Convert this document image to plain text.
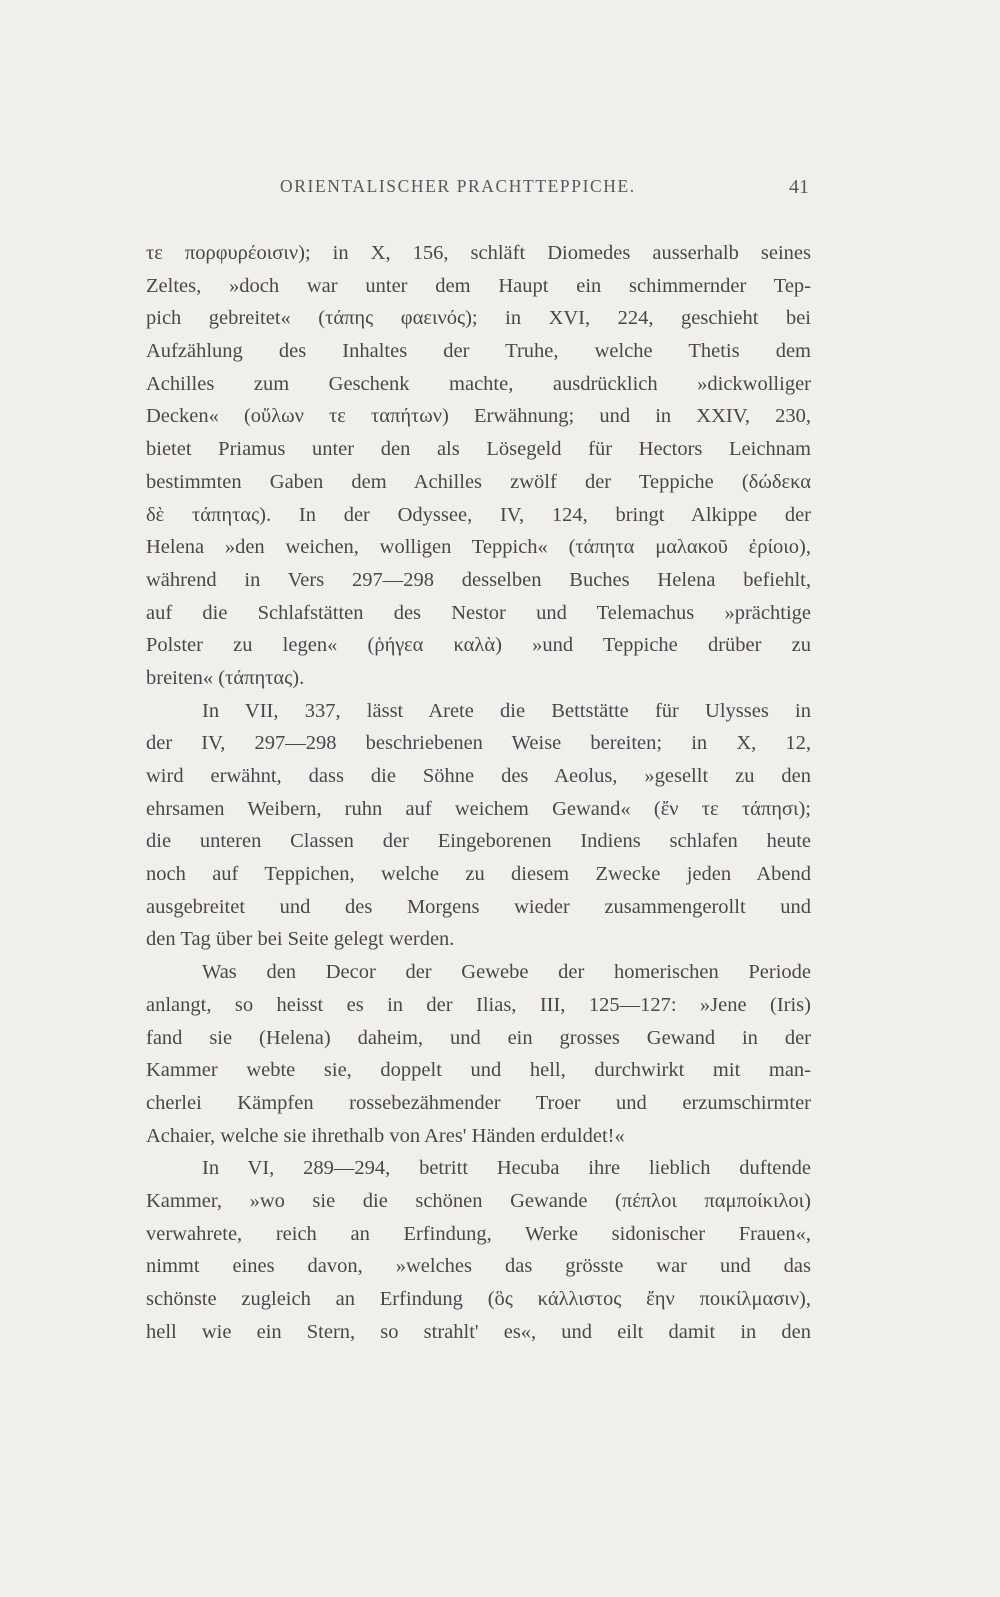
ORIENTALISCHER PRACHTTEPPICHE.	41
τε πορφυρέοισιν); in X, 156, schläft Diomedes ausserhalb seines
Zeltes, »doch war unter dem Haupt ein schimmernder Tep-
pich gebreitet« (τάπης φαεινός); in XVI, 224, geschieht bei
Aufzählung des Inhaltes der Truhe, welche Thetis dem
Achilles zum Geschenk machte, ausdrücklich »dickwolliger
Decken« (οὔλων τε ταπήτων) Erwähnung; und in XXIV, 230,
bietet Priamus unter den als Lösegeld für Hectors Leichnam
bestimmten Gaben dem Achilles zwölf der Teppiche (δώδεκα
δὲ τάπητας). In der Odyssee, IV, 124, bringt Alkippe der
Helena »den weichen, wolligen Teppich« (τάπητα μαλακοῦ ἐρίοιο),
während in Vers 297—298 desselben Buches Helena befiehlt,
auf die Schlafstätten des Nestor und Telemachus »prächtige
Polster zu legen« (ῥήγεα καλὰ) »und Teppiche drüber zu
breiten« (τάπητας).
In VII, 337, lässt Arete die Bettstätte für Ulysses in
der IV, 297—298 beschriebenen Weise bereiten; in X, 12,
wird erwähnt, dass die Söhne des Aeolus, »gesellt zu den
ehrsamen Weibern, ruhn auf weichem Gewand« (ἔν τε τάπησι);
die unteren Classen der Eingeborenen Indiens schlafen heute
noch auf Teppichen, welche zu diesem Zwecke jeden Abend
ausgebreitet und des Morgens wieder zusammengerollt und
den Tag über bei Seite gelegt werden.
Was den Decor der Gewebe der homerischen Periode
anlangt, so heisst es in der Ilias, III, 125—127: »Jene (Iris)
fand sie (Helena) daheim, und ein grosses Gewand in der
Kammer webte sie, doppelt und hell, durchwirkt mit man-
cherlei Kämpfen rossebezähmender Troer und erzumschirmter
Achaier, welche sie ihrethalb von Ares' Händen erduldet!«
In VI, 289—294, betritt Hecuba ihre lieblich duftende
Kammer, »wo sie die schönen Gewande (πέπλοι παμποίκιλοι)
verwahrete, reich an Erfindung, Werke sidonischer Frauen«,
nimmt eines davon, »welches das grösste war und das
schönste zugleich an Erfindung (ὃς κάλλιστος ἔην ποικίλμασιν),
hell wie ein Stern, so strahlt' es«, und eilt damit in den
